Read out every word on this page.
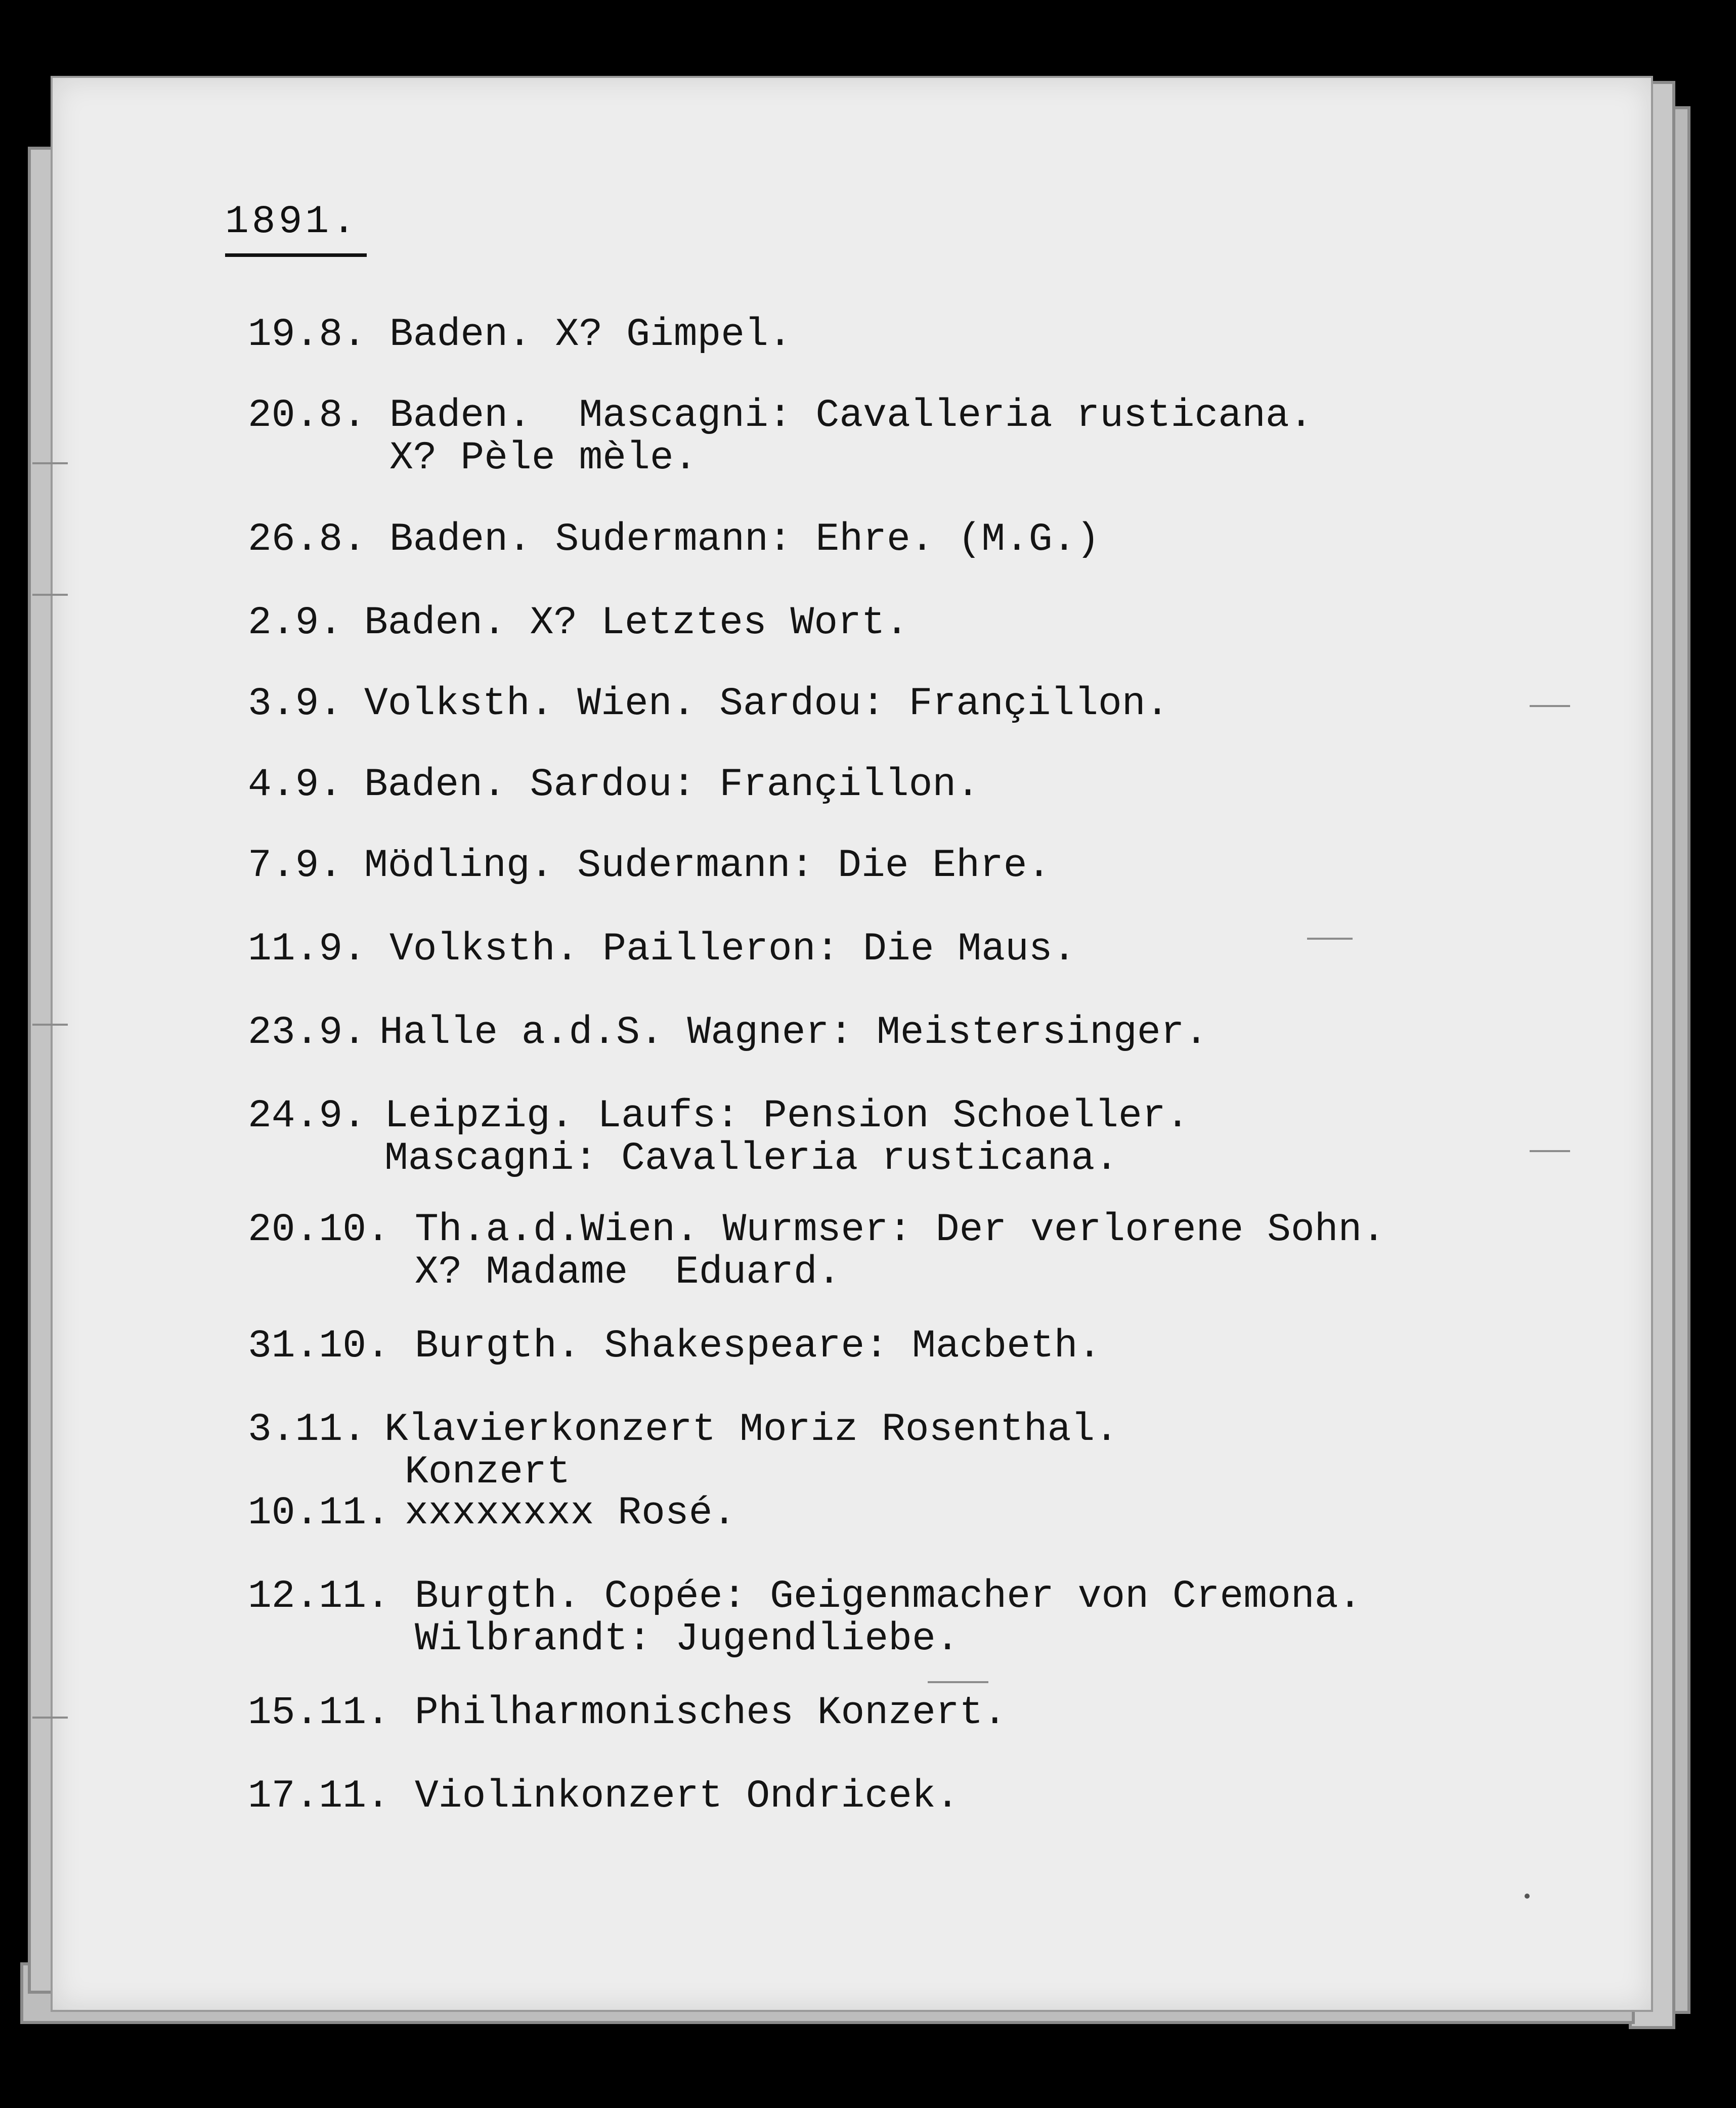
1891.
19.8. Baden. X? Gimpel.
20.8. Baden.  Mascagni: Cavalleria rusticana.
X? Pèle mèle.
26.8. Baden. Sudermann: Ehre. (M.G.)
2.9. Baden. X? Letztes Wort.
3.9. Volksth. Wien. Sardou: Françillon.
4.9. Baden. Sardou: Françillon.
7.9. Mödling. Sudermann: Die Ehre.
11.9. Volksth. Pailleron: Die Maus.
23.9. Halle a.d.S. Wagner: Meistersinger.
24.9. Leipzig. Laufs: Pension Schoeller.
Mascagni: Cavalleria rusticana.
20.10. Th.a.d.Wien. Wurmser: Der verlorene Sohn.
X? Madame  Eduard.
31.10. Burgth. Shakespeare: Macbeth.
3.11. Klavierkonzert Moriz Rosenthal.
Konzert
10.11. xxxxxxxx Rosé.
12.11. Burgth. Copée: Geigenmacher von Cremona.
Wilbrandt: Jugendliebe.
15.11. Philharmonisches Konzert.
17.11. Violinkonzert Ondricek.
